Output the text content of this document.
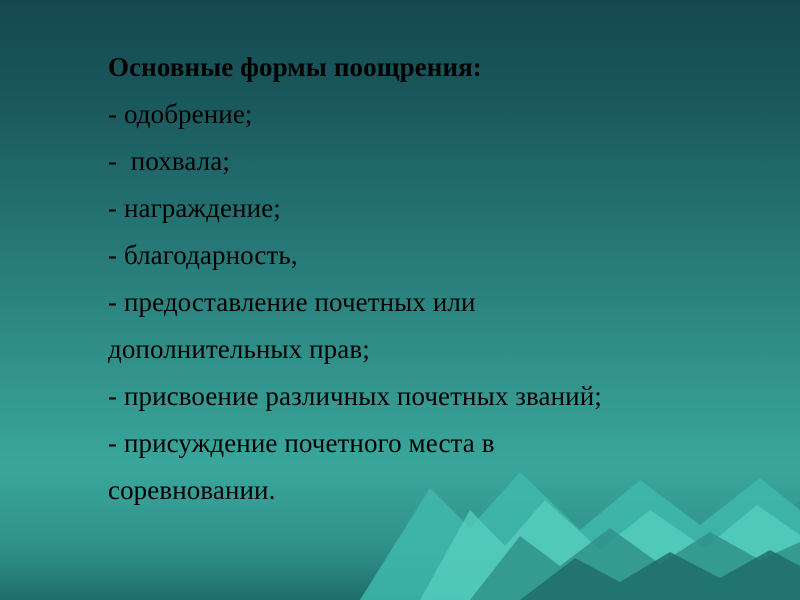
Основные формы поощрения:
- одобрение;
-  похвала;
- награждение;
- благодарность,
- предоставление почетных или
дополнительных прав;
- присвоение различных почетных званий;
- присуждение почетного места в
соревновании.
